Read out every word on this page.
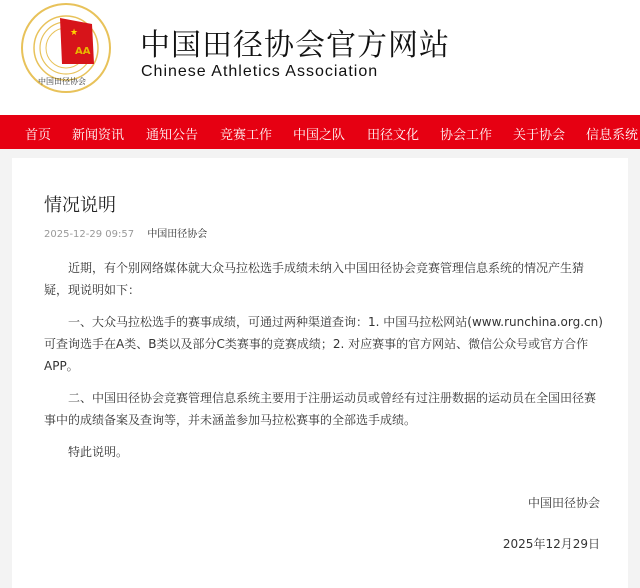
★
AA
中国田径协会
中国田径协会官方网站
Chinese Athletics Association
首页 新闻资讯 通知公告 竞赛工作 中国之队 田径文化 协会工作 关于协会 信息系统
情况说明
2025-12-29 09:57 中国田径协会

近期，有个别网络媒体就大众马拉松选手成绩未纳入中国田径协会竞赛管理信息系统的情况产生猜疑，现说明如下：

一、大众马拉松选手的赛事成绩，可通过两种渠道查询：1. 中国马拉松网站(www.runchina.org.cn)可查询选手在A类、B类以及部分C类赛事的竞赛成绩；2. 对应赛事的官方网站、微信公众号或官方合作APP。

二、中国田径协会竞赛管理信息系统主要用于注册运动员或曾经有过注册数据的运动员在全国田径赛事中的成绩备案及查询等，并未涵盖参加马拉松赛事的全部选手成绩。

特此说明。

中国田径协会
2025年12月29日
